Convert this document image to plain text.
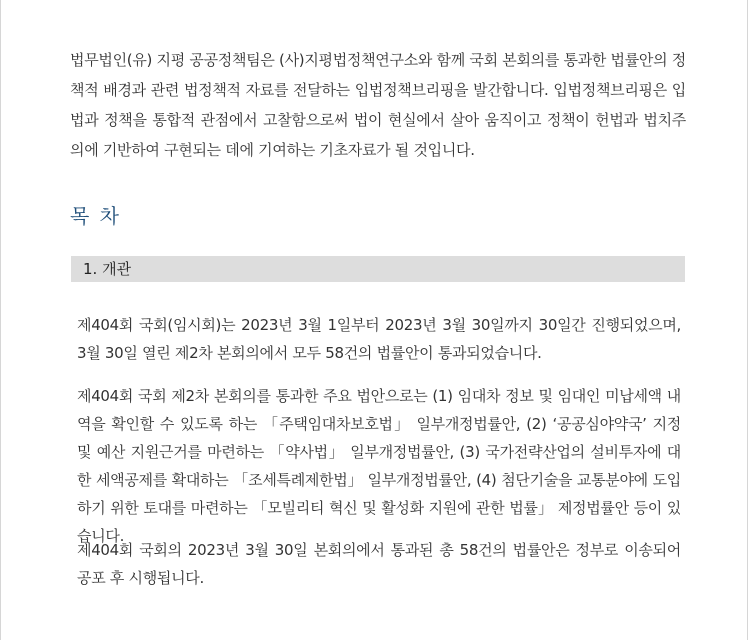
법무법인(유) 지평 공공정책팀은 (사)지평법정책연구소와 함께 국회 본회의를 통과한 법률안의 정책적 배경과 관련 법정책적 자료를 전달하는 입법정책브리핑을 발간합니다. 입법정책브리핑은 입법과 정책을 통합적 관점에서 고찰함으로써 법이 현실에서 살아 움직이고 정책이 헌법과 법치주의에 기반하여 구현되는 데에 기여하는 기초자료가 될 것입니다.

목 차
1. 개관

제404회 국회(임시회)는 2023년 3월 1일부터 2023년 3월 30일까지 30일간 진행되었으며, 3월 30일 열린 제2차 본회의에서 모두 58건의 법률안이 통과되었습니다.

제404회 국회 제2차 본회의를 통과한 주요 법안으로는 (1) 임대차 정보 및 임대인 미납세액 내역을 확인할 수 있도록 하는 「주택임대차보호법」 일부개정법률안, (2) ‘공공심야약국’ 지정 및 예산 지원근거를 마련하는 「약사법」 일부개정법률안, (3) 국가전략산업의 설비투자에 대한 세액공제를 확대하는 「조세특례제한법」 일부개정법률안, (4) 첨단기술을 교통분야에 도입하기 위한 토대를 마련하는 「모빌리티 혁신 및 활성화 지원에 관한 법률」 제정법률안 등이 있습니다.

제404회 국회의 2023년 3월 30일 본회의에서 통과된 총 58건의 법률안은 정부로 이송되어 공포 후 시행됩니다.
